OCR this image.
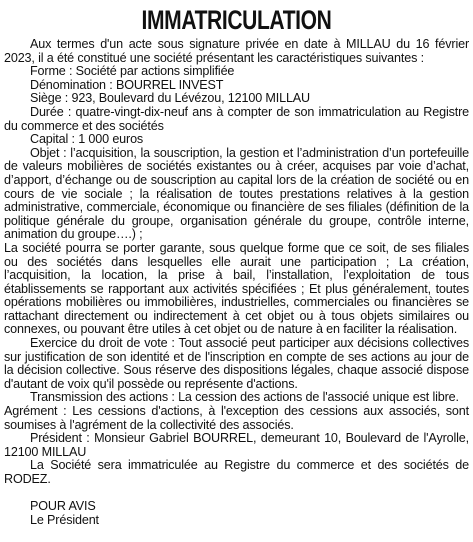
IMMATRICULATION

Aux termes d'un acte sous signature privée en date à MILLAU du 16 février 2023, il a été constitué une société présentant les caractéristiques suivantes :

Forme : Société par actions simplifiée

Dénomination : BOURREL INVEST

Siège : 923, Boulevard du Lévézou, 12100 MILLAU

Durée : quatre-vingt-dix-neuf ans à compter de son immatriculation au Registre du commerce et des sociétés

Capital : 1 000 euros

Objet : l’acquisition, la souscription, la gestion et l’administration d’un portefeuille de valeurs mobilières de sociétés existantes ou à créer, acquises par voie d’achat, d’apport, d’échange ou de souscription au capital lors de la création de société ou en cours de vie sociale ; la réalisation de toutes prestations relatives à la gestion administrative, commerciale, économique ou financière de ses filiales (définition de la politique générale du groupe, organisation générale du groupe, contrôle interne, animation du groupe….) ;

La société pourra se porter garante, sous quelque forme que ce soit, de ses filiales ou des sociétés dans lesquelles elle aurait une participation ; La création, l’acquisition, la location, la prise à bail, l’installation, l’exploitation de tous établissements se rapportant aux activités spécifiées ; Et plus généralement, toutes opérations mobilières ou immobilières, industrielles, commerciales ou financières se rattachant directement ou indirectement à cet objet ou à tous objets similaires ou connexes, ou pouvant être utiles à cet objet ou de nature à en faciliter la réalisation.

Exercice du droit de vote : Tout associé peut participer aux décisions collectives sur justification de son identité et de l'inscription en compte de ses actions au jour de la décision collective. Sous réserve des dispositions légales, chaque associé dispose d'autant de voix qu'il possède ou représente d'actions.

Transmission des actions : La cession des actions de l'associé unique est libre.

Agrément : Les cessions d'actions, à l'exception des cessions aux associés, sont soumises à l'agrément de la collectivité des associés.

Président : Monsieur Gabriel BOURREL, demeurant 10, Boulevard de l'Ayrolle, 12100 MILLAU

La Société sera immatriculée au Registre du commerce et des sociétés de RODEZ.

POUR AVIS

Le Président
